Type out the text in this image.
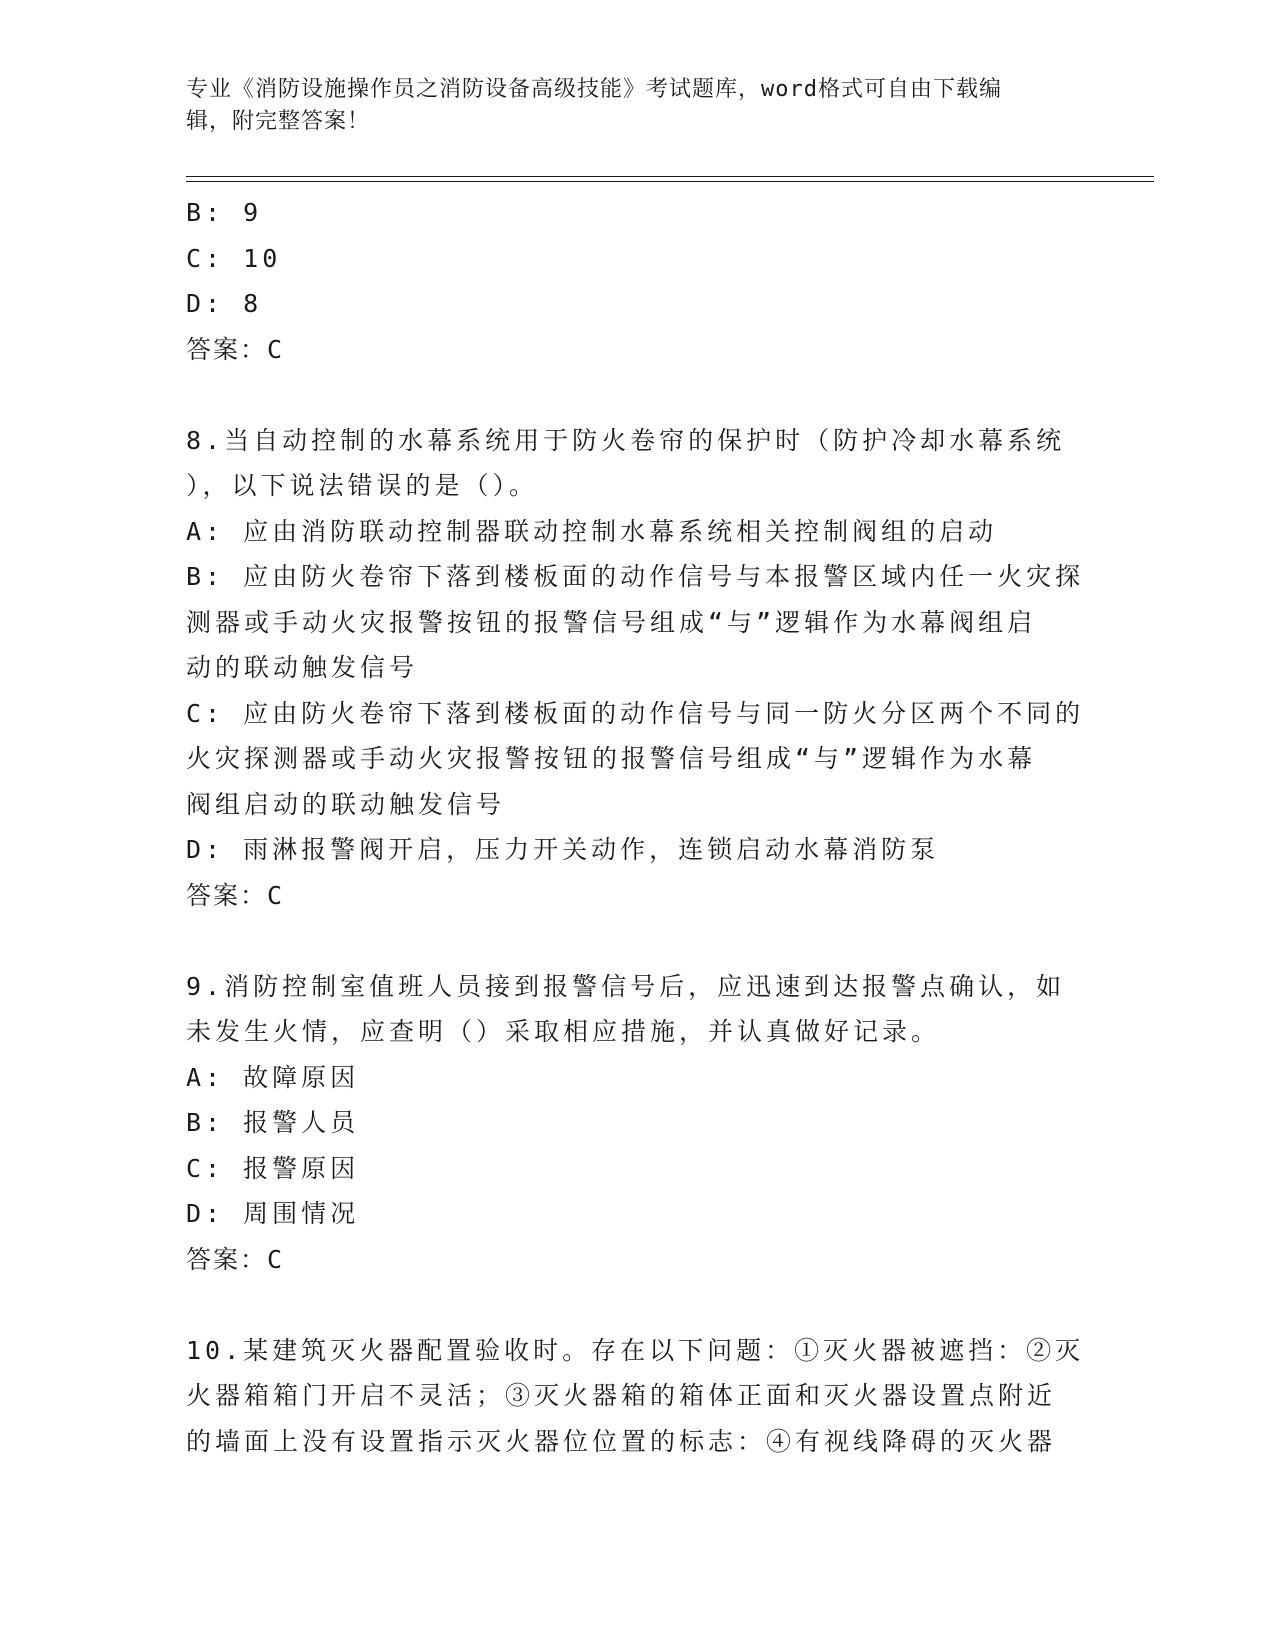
专业《消防设施操作员之消防设备高级技能》考试题库，word格式可自由下载编
辑，附完整答案！
B: 9
C: 10
D: 8
答案：C
8.当自动控制的水幕系统用于防火卷帘的保护时（防护冷却水幕系统
），以下说法错误的是（）。
A: 应由消防联动控制器联动控制水幕系统相关控制阀组的启动
B: 应由防火卷帘下落到楼板面的动作信号与本报警区域内任一火灾探
测器或手动火灾报警按钮的报警信号组成“与”逻辑作为水幕阀组启
动的联动触发信号
C: 应由防火卷帘下落到楼板面的动作信号与同一防火分区两个不同的
火灾探测器或手动火灾报警按钮的报警信号组成“与”逻辑作为水幕
阀组启动的联动触发信号
D: 雨淋报警阀开启，压力开关动作，连锁启动水幕消防泵
答案：C
9.消防控制室值班人员接到报警信号后，应迅速到达报警点确认，如
未发生火情，应查明（）采取相应措施，并认真做好记录。
A: 故障原因
B: 报警人员
C: 报警原因
D: 周围情况
答案：C
10.某建筑灭火器配置验收时。存在以下问题：①灭火器被遮挡：②灭
火器箱箱门开启不灵活；③灭火器箱的箱体正面和灭火器设置点附近
的墙面上没有设置指示灭火器位位置的标志：④有视线降碍的灭火器
